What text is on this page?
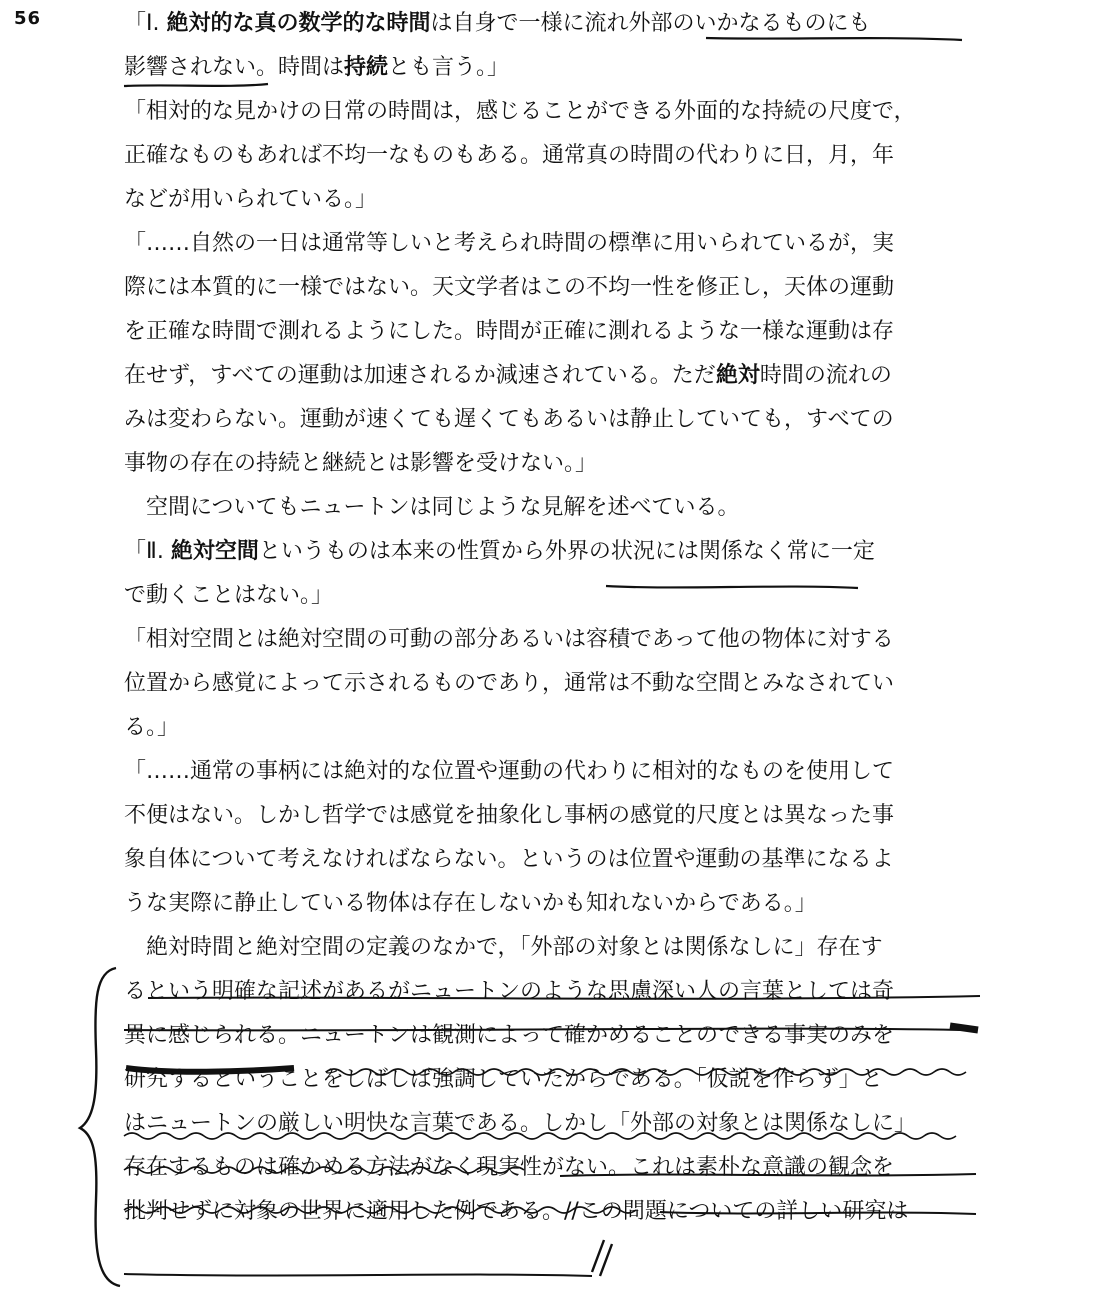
56	「Ⅰ. 絶対的な真の数学的な時間は自身で一様に流れ外部のいかなるものにも
影響されない。時間は持続とも言う。」
「相対的な見かけの日常の時間は，感じることができる外面的な持続の尺度で，
正確なものもあれば不均一なものもある。通常真の時間の代わりに日，月，年
などが用いられている。」
「……自然の一日は通常等しいと考えられ時間の標準に用いられているが，実
際には本質的に一様ではない。天文学者はこの不均一性を修正し，天体の運動
を正確な時間で測れるようにした。時間が正確に測れるような一様な運動は存
在せず，すべての運動は加速されるか減速されている。ただ絶対時間の流れの
みは変わらない。運動が速くても遅くてもあるいは静止していても，すべての
事物の存在の持続と継続とは影響を受けない。」
　空間についてもニュートンは同じような見解を述べている。
「Ⅱ. 絶対空間というものは本来の性質から外界の状況には関係なく常に一定
で動くことはない。」
「相対空間とは絶対空間の可動の部分あるいは容積であって他の物体に対する
位置から感覚によって示されるものであり，通常は不動な空間とみなされてい
る。」
「……通常の事柄には絶対的な位置や運動の代わりに相対的なものを使用して
不便はない。しかし哲学では感覚を抽象化し事柄の感覚的尺度とは異なった事
象自体について考えなければならない。というのは位置や運動の基準になるよ
うな実際に静止している物体は存在しないかも知れないからである。」
　絶対時間と絶対空間の定義のなかで，「外部の対象とは関係なしに」存在す
るという明確な記述があるがニュートンのような思慮深い人の言葉としては奇
異に感じられる。ニュートンは観測によって確かめることのできる事実のみを
研究するということをしばしば強調していたからである。「仮説を作らず」と
はニュートンの厳しい明快な言葉である。しかし「外部の対象とは関係なしに」
存在するものは確かめる方法がなく現実性がない。これは素朴な意識の観念を
批判せずに対象の世界に適用した例である。//この問題についての詳しい研究は
